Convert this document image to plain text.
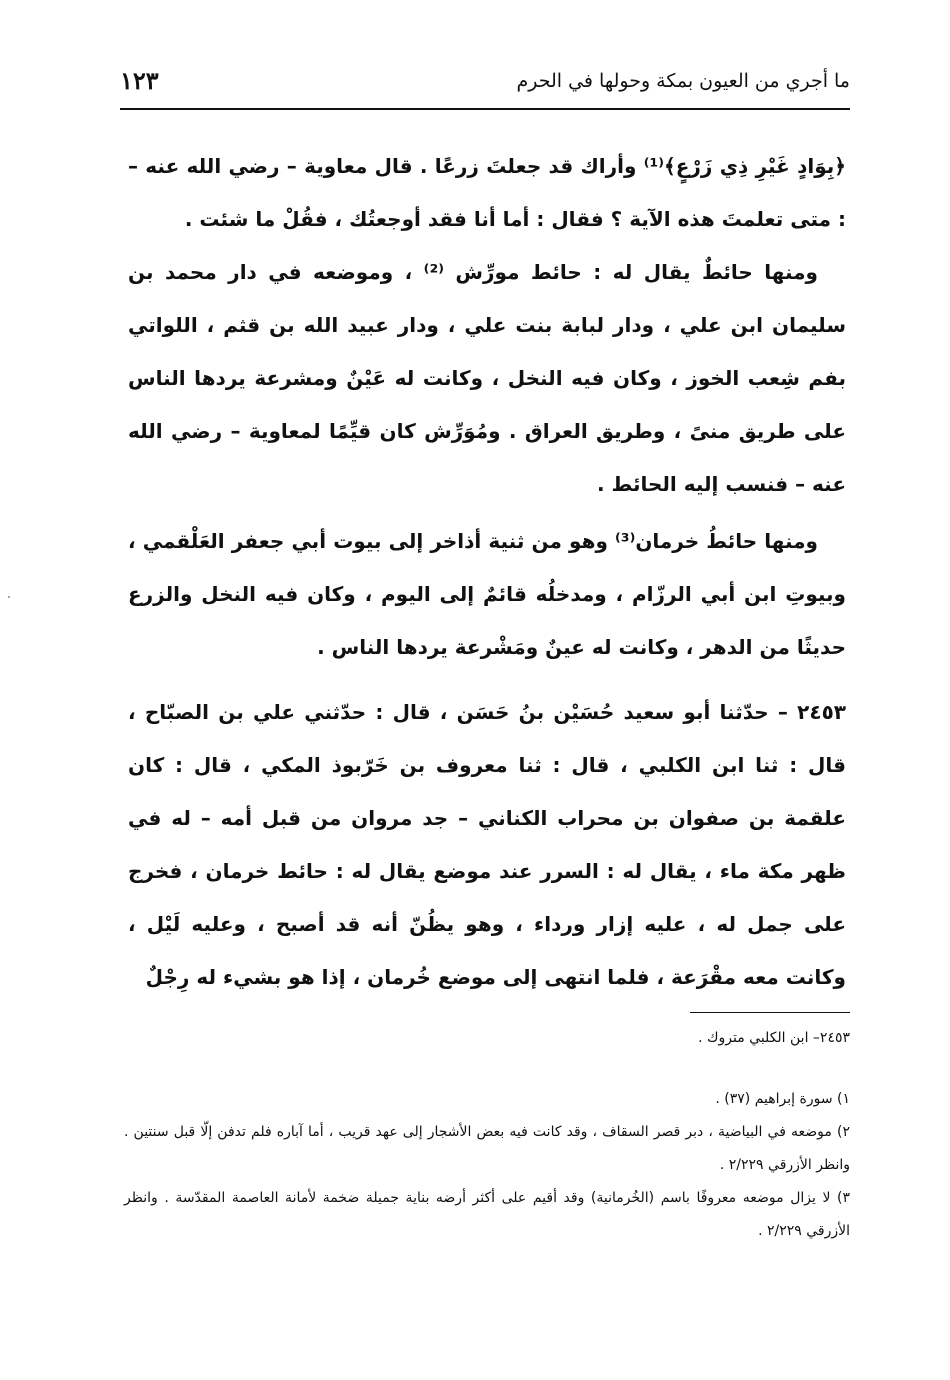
ما أجري من العيون بمكة وحولها في الحرم
١٢٣

﴿بِوَادٍ غَيْرِ ذِي زَرْعٍ﴾⁽¹⁾ وأراك قد جعلتَ زرعًا . قال معاوية – رضي الله عنه – : متى تعلمتَ هذه الآية ؟ فقال : أما أنا فقد أوجعتُك ، فقُلْ ما شئت .

ومنها حائطٌ يقال له : حائط مورِّش ⁽²⁾ ، وموضعه في دار محمد بن سليمان ابن علي ، ودار لبابة بنت علي ، ودار عبيد الله بن قثم ، اللواتي بفم شِعب الخوز ، وكان فيه النخل ، وكانت له عَيْنٌ ومشرعة يردها الناس على طريق منىً ، وطريق العراق . ومُوَرِّش كان قيِّمًا لمعاوية – رضي الله عنه – فنسب إليه الحائط .

ومنها حائطُ خرمان⁽³⁾ وهو من ثنية أذاخر إلى بيوت أبي جعفر العَلْقمي ، وبيوتِ ابن أبي الرزّام ، ومدخلُه قائمٌ إلى اليوم ، وكان فيه النخل والزرع حديثًا من الدهر ، وكانت له عينٌ ومَشْرعة يردها الناس .

٢٤٥٣ – حدّثنا أبو سعيد حُسَيْن بنُ حَسَن ، قال : حدّثني علي بن الصبّاح ، قال : ثنا ابن الكلبي ، قال : ثنا معروف بن خَرّبوذ المكي ، قال : كان علقمة بن صفوان بن محراب الكناني – جد مروان من قبل أمه – له في ظهر مكة ماء ، يقال له : السرر عند موضع يقال له : حائط خرمان ، فخرج على جمل له ، عليه إزار ورداء ، وهو يظُنّ أنه قد أصبح ، وعليه لَيْل ، وكانت معه مقْرَعة ، فلما انتهى إلى موضع خُرمان ، إذا هو بشيء له رِجْلٌ

٢٤٥٣– ابن الكلبي متروك .

١) سورة إبراهيم (٣٧) .

٢) موضعه في البياضية ، دبر قصر السقاف ، وقد كانت فيه بعض الأشجار إلى عهد قريب ، أما آباره فلم تدفن إلّا قبل سنتين . وانظر الأزرقي ٢/٢٢٩ .

٣) لا يزال موضعه معروفًا باسم (الخُرمانية) وقد أقيم على أكثر أرضه بناية جميلة ضخمة لأمانة العاصمة المقدّسة . وانظر الأزرقي ٢/٢٢٩ .
